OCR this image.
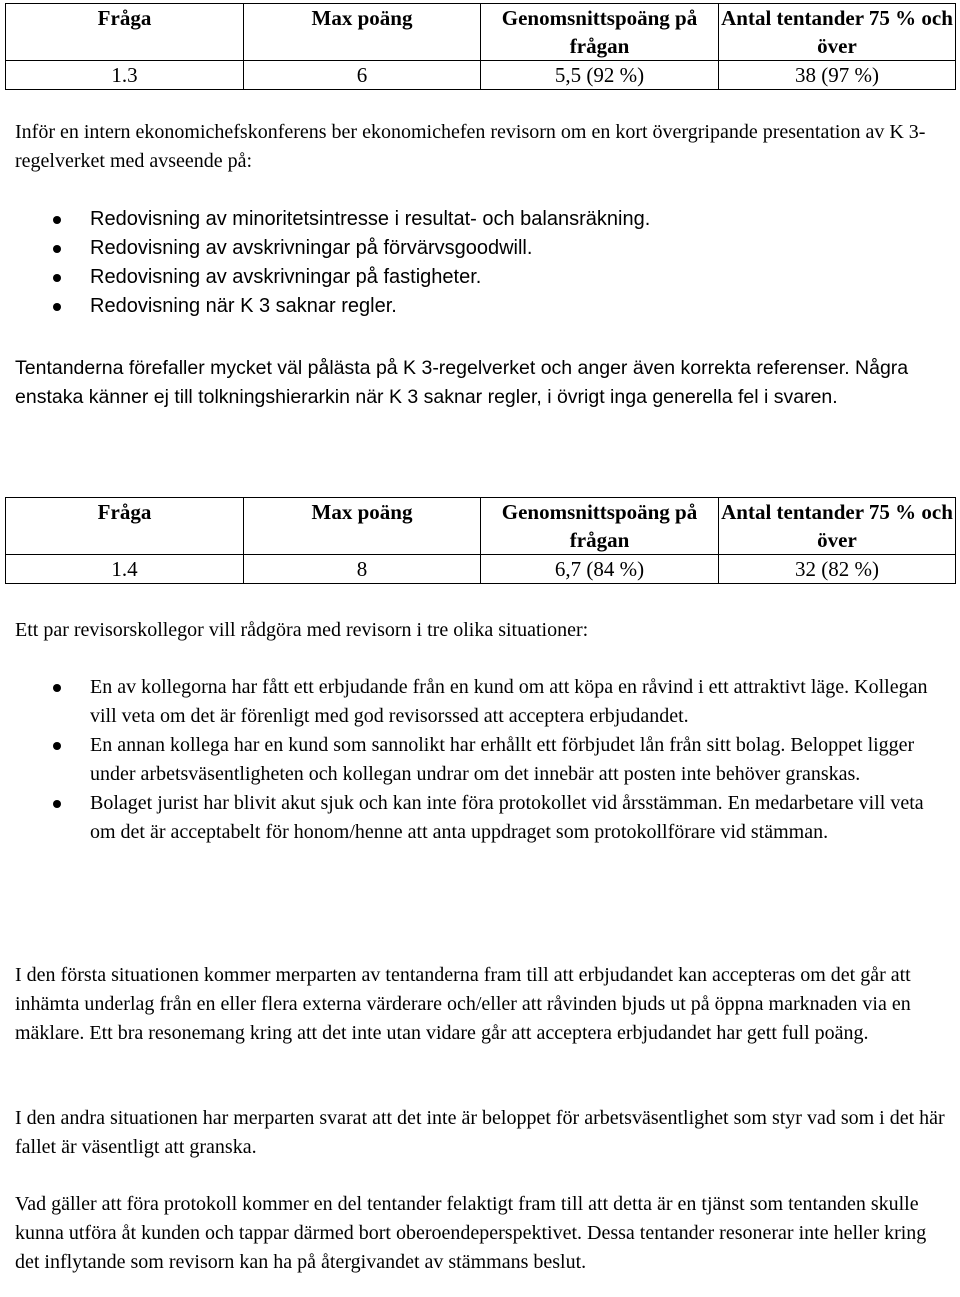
Fråga	Max poäng	Genomsnittspoäng på frågan	Antal tentander 75 % och över
1.3	6	5,5 (92 %)	38 (97 %)

Inför en intern ekonomichefskonferens ber ekonomichefen revisorn om en kort övergripande presentation av K 3-regelverket med avseende på:

Redovisning av minoritetsintresse i resultat- och balansräkning.
Redovisning av avskrivningar på förvärvsgoodwill.
Redovisning av avskrivningar på fastigheter.
Redovisning när K 3 saknar regler.

Tentanderna förefaller mycket väl pålästa på K 3-regelverket och anger även korrekta referenser. Några enstaka känner ej till tolkningshierarkin när K 3 saknar regler, i övrigt inga generella fel i svaren.

Fråga	Max poäng	Genomsnittspoäng på frågan	Antal tentander 75 % och över
1.4	8	6,7 (84 %)	32 (82 %)

Ett par revisorskollegor vill rådgöra med revisorn i tre olika situationer:

En av kollegorna har fått ett erbjudande från en kund om att köpa en råvind i ett attraktivt läge. Kollegan vill veta om det är förenligt med god revisorssed att acceptera erbjudandet.
En annan kollega har en kund som sannolikt har erhållt ett förbjudet lån från sitt bolag. Beloppet ligger under arbetsväsentligheten och kollegan undrar om det innebär att posten inte behöver granskas.
Bolaget jurist har blivit akut sjuk och kan inte föra protokollet vid årsstämman. En medarbetare vill veta om det är acceptabelt för honom/henne att anta uppdraget som protokollförare vid stämman.

I den första situationen kommer merparten av tentanderna fram till att erbjudandet kan accepteras om det går att inhämta underlag från en eller flera externa värderare och/eller att råvinden bjuds ut på öppna marknaden via en mäklare. Ett bra resonemang kring att det inte utan vidare går att acceptera erbjudandet har gett full poäng.

I den andra situationen har merparten svarat att det inte är beloppet för arbetsväsentlighet som styr vad som i det här fallet är väsentligt att granska.

Vad gäller att föra protokoll kommer en del tentander felaktigt fram till att detta är en tjänst som tentanden skulle kunna utföra åt kunden och tappar därmed bort oberoendeperspektivet. Dessa tentander resonerar inte heller kring det inflytande som revisorn kan ha på återgivandet av stämmans beslut.
